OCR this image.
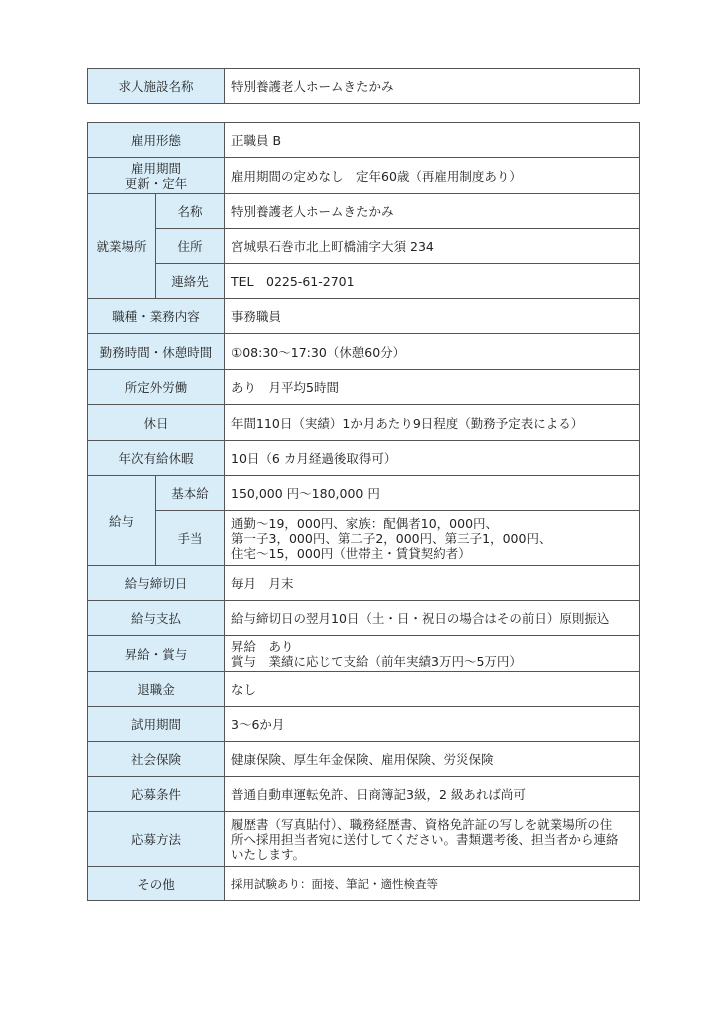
求人施設名称	特別養護老人ホームきたかみ
雇用形態		正職員 B

雇用期間
更新・定年		雇用期間の定めなし　定年60歳（再雇用制度あり）
就業場所	名称	特別養護老人ホームきたかみ
	住所	宮城県石巻市北上町橋浦字大須 234
	連絡先	TEL　0225-61-2701
職種・業務内容		事務職員
勤務時間・休憩時間		①08:30～17:30（休憩60分）
所定外労働		あり　月平均5時間
休日		年間110日（実績）1か月あたり9日程度（勤務予定表による）
年次有給休暇		10日（6 カ月経過後取得可）
給与	基本給	150,000 円～180,000 円
	手当	通勤～19，000円、家族：配偶者10，000円、
第一子3，000円、第二子2，000円、第三子1，000円、
住宅～15，000円（世帯主・賃貸契約者）

給与締切日		毎月　月末
給与支払		給与締切日の翌月10日（土・日・祝日の場合はその前日）原則振込
昇給・賞与		昇給　あり
賞与　業績に応じて支給（前年実績3万円～5万円）

退職金		なし
試用期間		3～6か月
社会保険		健康保険、厚生年金保険、雇用保険、労災保険
応募条件		普通自動車運転免許、日商簿記3級，2 級あれば尚可
応募方法		履歴書（写真貼付）、職務経歴書、資格免許証の写しを就業場所の住
所へ採用担当者宛に送付してください。書類選考後、担当者から連絡
いたします。

その他		採用試験あり：面接、筆記・適性検査等
